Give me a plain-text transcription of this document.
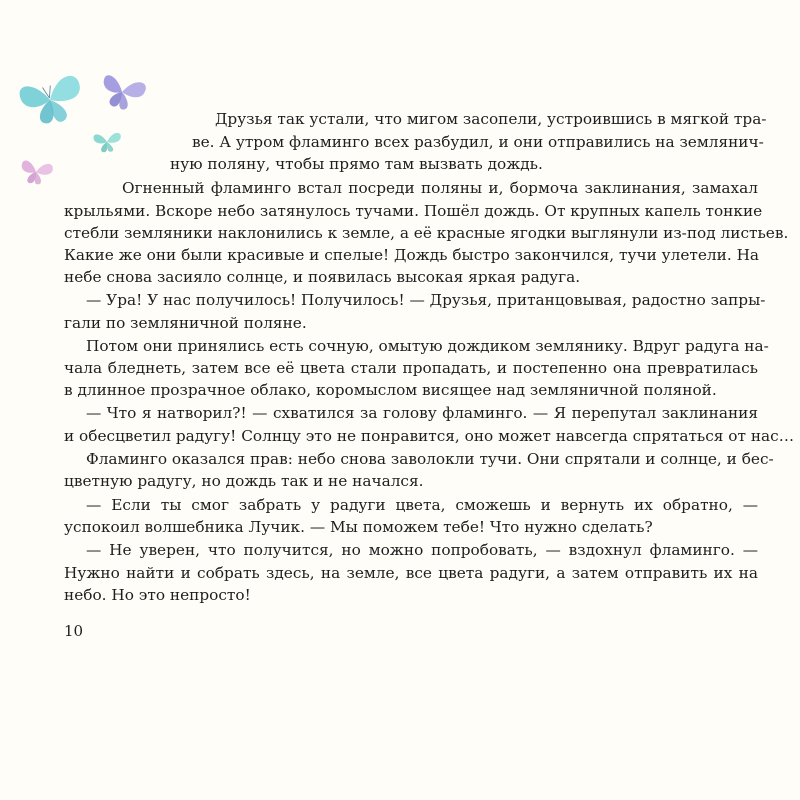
Друзья так устали, что мигом засопели, устроившись в мягкой тра-
ве. А утром фламинго всех разбудил, и они отправились на землянич-
ную поляну, чтобы прямо там вызвать дождь.
Огненный фламинго встал посреди поляны и, бормоча заклинания, замахал
крыльями. Вскоре небо затянулось тучами. Пошёл дождь. От крупных капель тонкие
стебли земляники наклонились к земле, а её красные ягодки выглянули из-под листьев.
Какие же они были красивые и спелые! Дождь быстро закончился, тучи улетели. На
небе снова засияло солнце, и появилась высокая яркая радуга.
— Ура! У нас получилось! Получилось! — Друзья, пританцовывая, радостно запры-
гали по земляничной поляне.
Потом они принялись есть сочную, омытую дождиком землянику. Вдруг радуга на-
чала бледнеть, затем все её цвета стали пропадать, и постепенно она превратилась
в длинное прозрачное облако, коромыслом висящее над земляничной поляной.
— Что я натворил?! — схватился за голову фламинго. — Я перепутал заклинания
и обесцветил радугу! Солнцу это не понравится, оно может навсегда спрятаться от нас…
Фламинго оказался прав: небо снова заволокли тучи. Они спрятали и солнце, и бес-
цветную радугу, но дождь так и не начался.
— Если ты смог забрать у радуги цвета, сможешь и вернуть их обратно, —
успокоил волшебника Лучик. — Мы поможем тебе! Что нужно сделать?
— Не уверен, что получится, но можно попробовать, — вздохнул фламинго. —
Нужно найти и собрать здесь, на земле, все цвета радуги, а затем отправить их на
небо. Но это непросто!
10
